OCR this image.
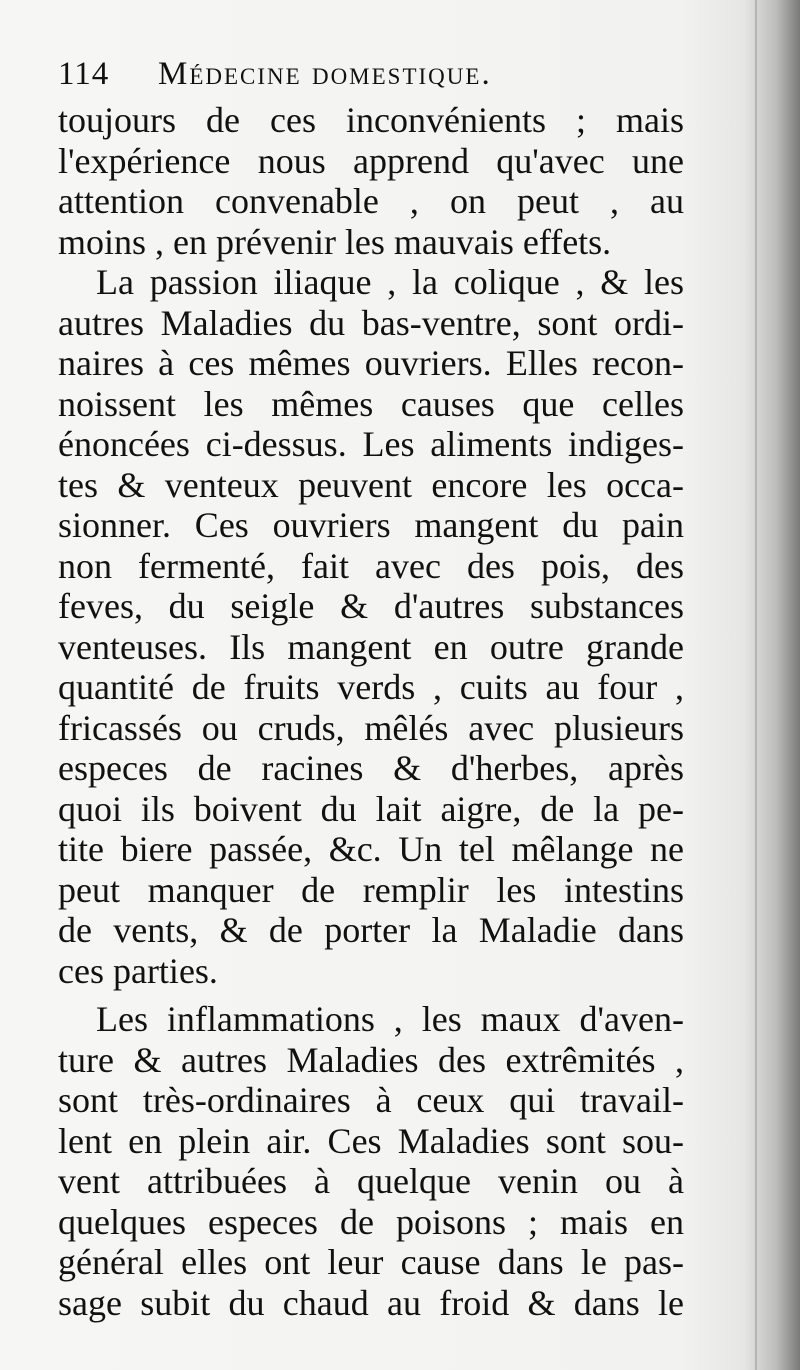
114	Médecine domestique.
toujours de ces inconvénients ; mais
l'expérience nous apprend qu'avec une
attention convenable , on peut , au
moins , en prévenir les mauvais effets.
La passion iliaque , la colique , & les
autres Maladies du bas-ventre, sont ordi-
naires à ces mêmes ouvriers. Elles recon-
noissent les mêmes causes que celles
énoncées ci-dessus. Les aliments indiges-
tes & venteux peuvent encore les occa-
sionner. Ces ouvriers mangent du pain
non fermenté, fait avec des pois, des
feves, du seigle & d'autres substances
venteuses. Ils mangent en outre grande
quantité de fruits verds , cuits au four ,
fricassés ou cruds, mêlés avec plusieurs
especes de racines & d'herbes, après
quoi ils boivent du lait aigre, de la pe-
tite biere passée, &c. Un tel mêlange ne
peut manquer de remplir les intestins
de vents, & de porter la Maladie dans
ces parties.
Les inflammations , les maux d'aven-
ture & autres Maladies des extrêmités ,
sont très-ordinaires à ceux qui travail-
lent en plein air. Ces Maladies sont sou-
vent attribuées à quelque venin ou à
quelques especes de poisons ; mais en
général elles ont leur cause dans le pas-
sage subit du chaud au froid & dans le
